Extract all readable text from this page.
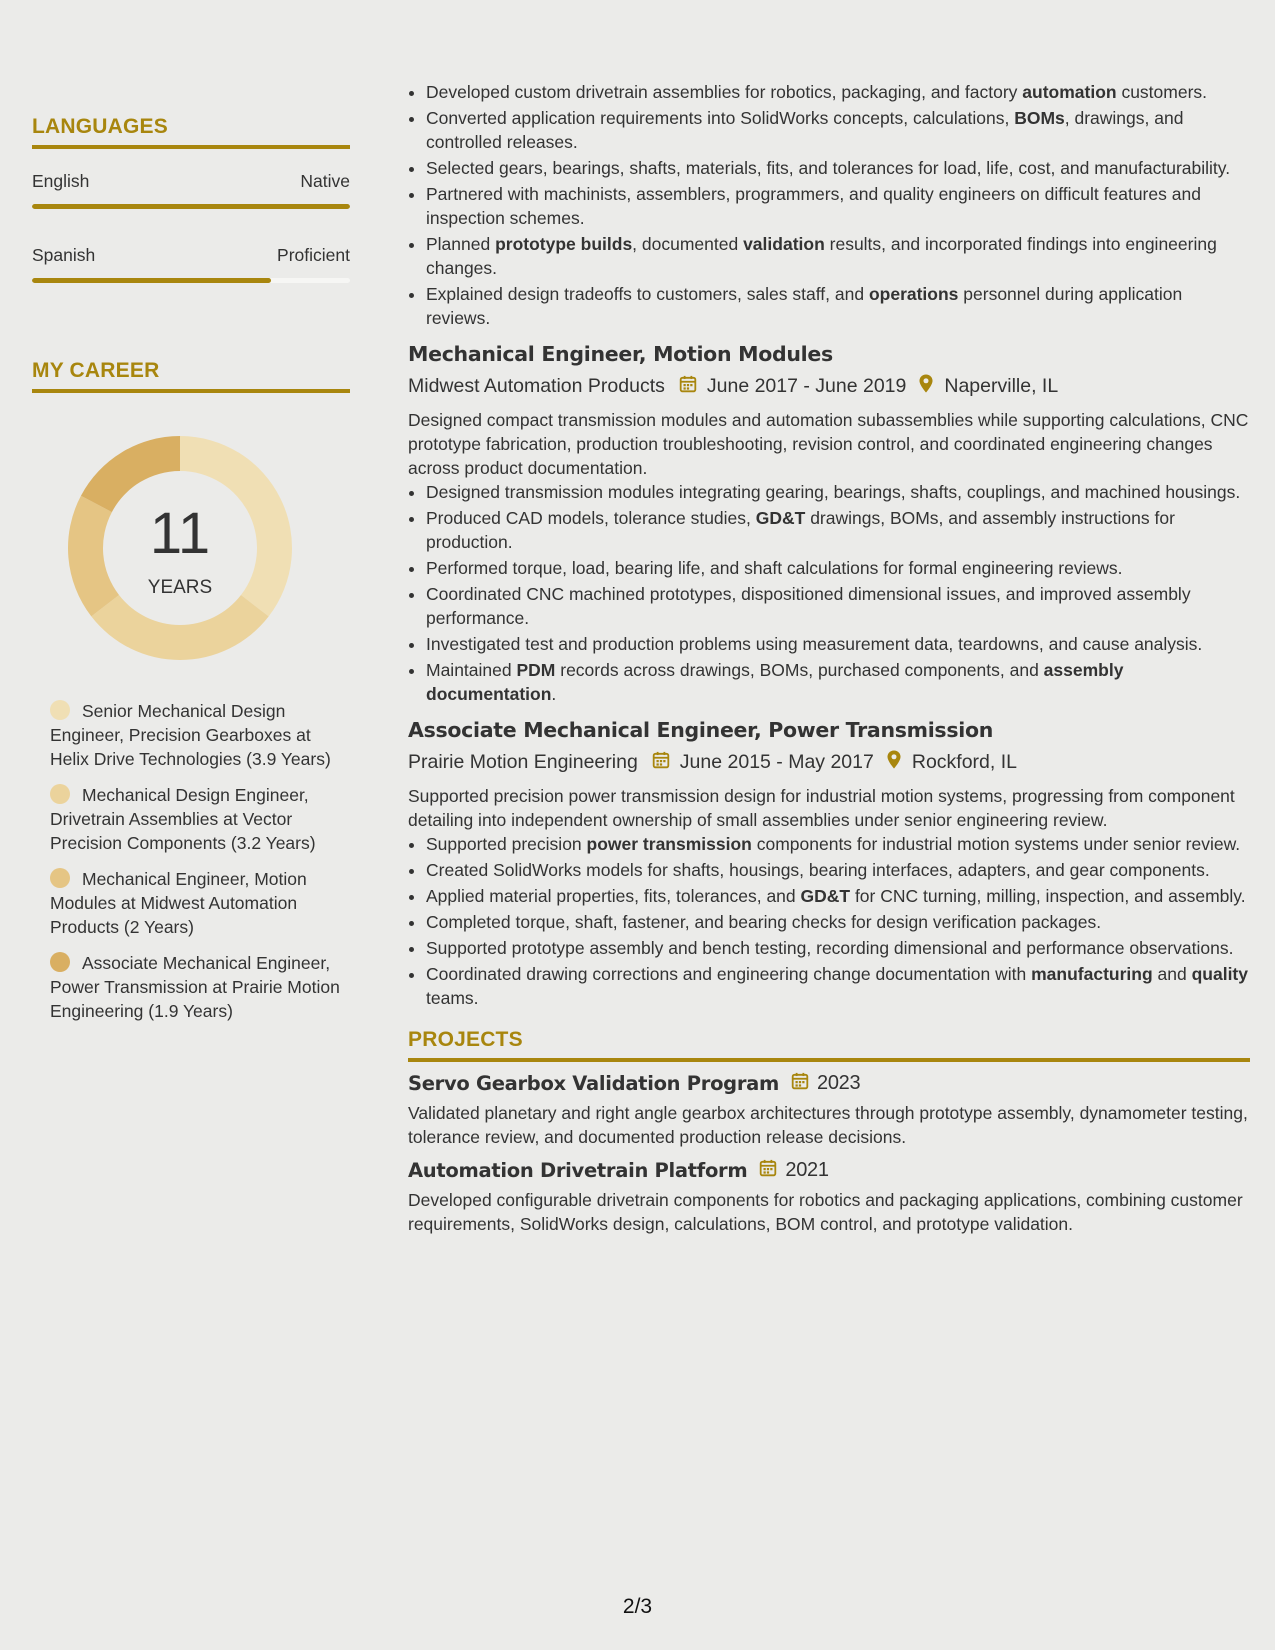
LANGUAGES
English	Native
Spanish	Proficient
MY CAREER
11
YEARS
Senior Mechanical Design Engineer, Precision Gearboxes at Helix Drive Technologies (3.9 Years)
Mechanical Design Engineer, Drivetrain Assemblies at Vector Precision Components (3.2 Years)
Mechanical Engineer, Motion Modules at Midwest Automation Products (2 Years)
Associate Mechanical Engineer, Power Transmission at Prairie Motion Engineering (1.9 Years)
• Developed custom drivetrain assemblies for robotics, packaging, and factory automation customers.
• Converted application requirements into SolidWorks concepts, calculations, BOMs, drawings, and controlled releases.
• Selected gears, bearings, shafts, materials, fits, and tolerances for load, life, cost, and manufacturability.
• Partnered with machinists, assemblers, programmers, and quality engineers on difficult features and inspection schemes.
• Planned prototype builds, documented validation results, and incorporated findings into engineering changes.
• Explained design tradeoffs to customers, sales staff, and operations personnel during application reviews.
Mechanical Engineer, Motion Modules
Midwest Automation Products June 2017 - June 2019 Naperville, IL
Designed compact transmission modules and automation subassemblies while supporting calculations, CNC prototype fabrication, production troubleshooting, revision control, and coordinated engineering changes across product documentation.
• Designed transmission modules integrating gearing, bearings, shafts, couplings, and machined housings.
• Produced CAD models, tolerance studies, GD&T drawings, BOMs, and assembly instructions for production.
• Performed torque, load, bearing life, and shaft calculations for formal engineering reviews.
• Coordinated CNC machined prototypes, dispositioned dimensional issues, and improved assembly performance.
• Investigated test and production problems using measurement data, teardowns, and cause analysis.
• Maintained PDM records across drawings, BOMs, purchased components, and assembly documentation.
Associate Mechanical Engineer, Power Transmission
Prairie Motion Engineering June 2015 - May 2017 Rockford, IL
Supported precision power transmission design for industrial motion systems, progressing from component detailing into independent ownership of small assemblies under senior engineering review.
• Supported precision power transmission components for industrial motion systems under senior review.
• Created SolidWorks models for shafts, housings, bearing interfaces, adapters, and gear components.
• Applied material properties, fits, tolerances, and GD&T for CNC turning, milling, inspection, and assembly.
• Completed torque, shaft, fastener, and bearing checks for design verification packages.
• Supported prototype assembly and bench testing, recording dimensional and performance observations.
• Coordinated drawing corrections and engineering change documentation with manufacturing and quality teams.
PROJECTS
Servo Gearbox Validation Program 2023
Validated planetary and right angle gearbox architectures through prototype assembly, dynamometer testing, tolerance review, and documented production release decisions.
Automation Drivetrain Platform 2021
Developed configurable drivetrain components for robotics and packaging applications, combining customer requirements, SolidWorks design, calculations, BOM control, and prototype validation.
2/3
